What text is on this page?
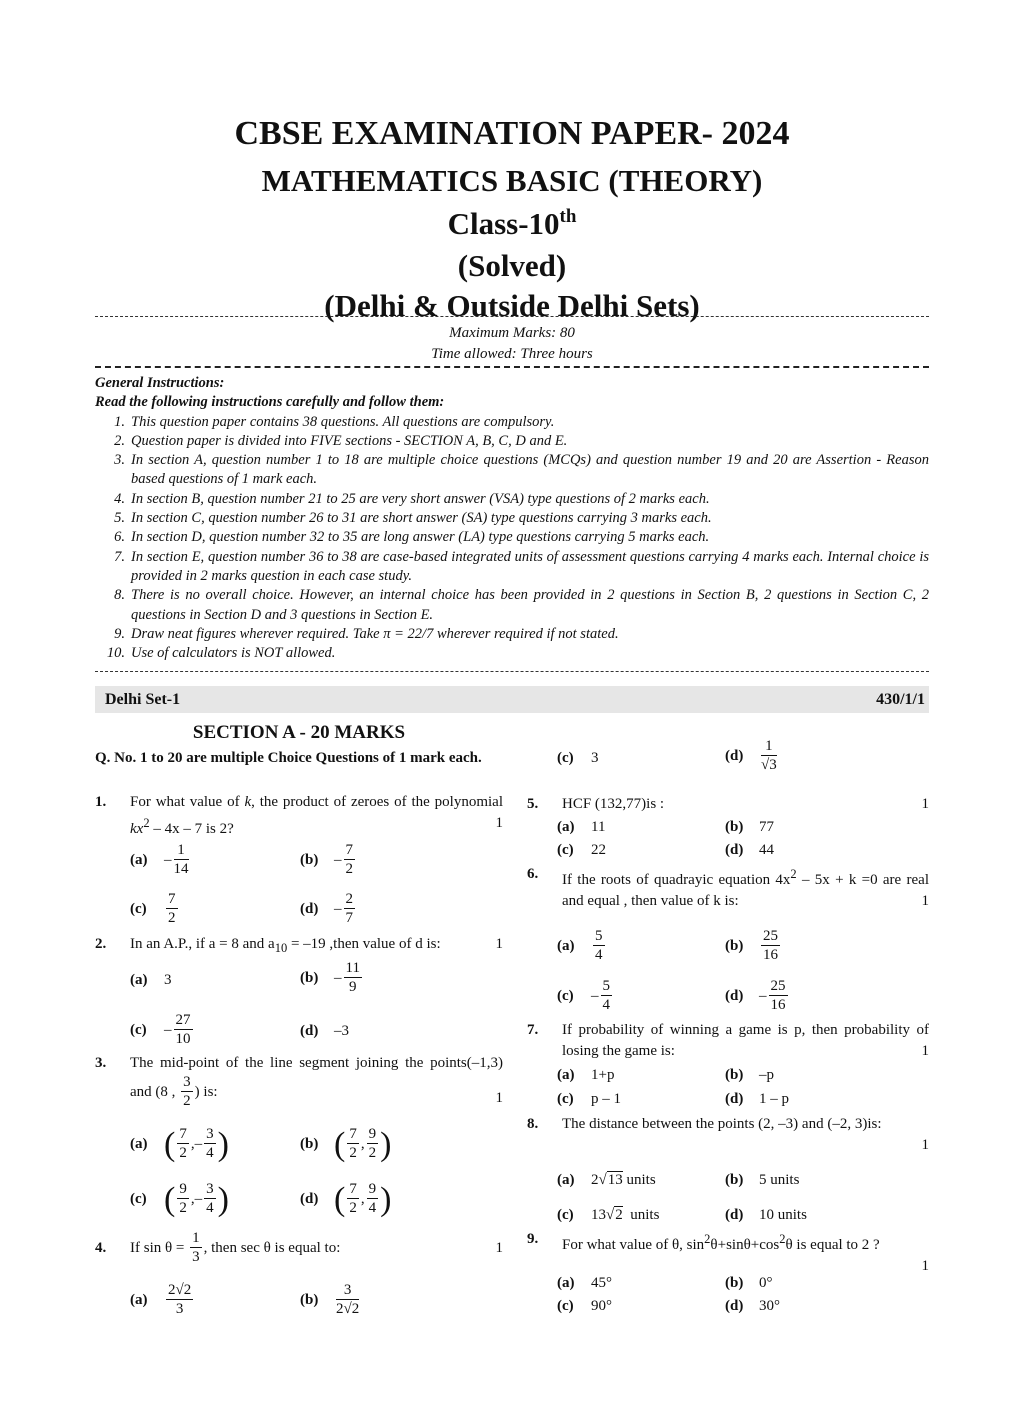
CBSE EXAMINATION PAPER- 2024
MATHEMATICS BASIC (THEORY)
Class-10th
(Solved)
(Delhi & Outside Delhi Sets)
Maximum Marks: 80
Time allowed: Three hours
General Instructions:
Read the following instructions carefully and follow them:
1. This question paper contains 38 questions. All questions are compulsory.
2. Question paper is divided into FIVE sections - SECTION A, B, C, D and E.
3. In section A, question number 1 to 18 are multiple choice questions (MCQs) and question number 19 and 20 are Assertion - Reason based questions of 1 mark each.
4. In section B, question number 21 to 25 are very short answer (VSA) type questions of 2 marks each.
5. In section C, question number 26 to 31 are short answer (SA) type questions carrying 3 marks each.
6. In section D, question number 32 to 35 are long answer (LA) type questions carrying 5 marks each.
7. In section E, question number 36 to 38 are case-based integrated units of assessment questions carrying 4 marks each. Internal choice is provided in 2 marks question in each case study.
8. There is no overall choice. However, an internal choice has been provided in 2 questions in Section B, 2 questions in Section C, 2 questions in Section D and 3 questions in Section E.
9. Draw neat figures wherever required. Take π = 22/7 wherever required if not stated.
10. Use of calculators is NOT allowed.
Delhi Set-1	430/1/1
SECTION A - 20 MARKS
Q. No. 1 to 20 are multiple Choice Questions of 1 mark each.
1.	For what value of k, the product of zeroes of the polynomial $kx^2 - 4x - 7$ is 2?	1
$(a) - \frac{1}{14}$	$(b) - \frac{7}{2}$
$(c) \frac{7}{2}$	$(d) - \frac{2}{7}$
2.	In an A.P., if a = 8 and $a_{10} = -19$ ,then value of d is:	1
(a) 3	$(b) - \frac{11}{9}$
$(c) - \frac{27}{10}$	(d) –3
3.	The mid-point of the line segment joining the points(–1,3) and (8 , $\frac{3}{2}$ ) is:	1
(a) ( $\frac{7}{2}$ ,– $\frac{3}{4}$ )	(b) ( $\frac{7}{2}$ , $\frac{9}{2}$ )
(c) ( $\frac{9}{2}$ ,– $\frac{3}{4}$ )	(d) ( $\frac{7}{2}$ , $\frac{9}{4}$ )
4.	If $\sin \theta = \frac{1}{3}$ , then sec θ is equal to:	1
$(a) \frac{2√2}{3}$	$(b) \frac{3}{2√2}$
(c) 3	$(d) \frac{1}{√3}$
5.	HCF (132,77)is :	1
(a) 11	(b) 77
(c) 22	(d) 44
6.	If the roots of quadrayic equation $4x^2 - 5x + k =0$ are real and equal , then value of k is:	1
$(a) \frac{5}{4}$	$(b) \frac{25}{16}$
$(c) - \frac{5}{4}$	$(d) - \frac{25}{16}$
7.	If probability of winning a game is p, then probability of losing the game is:	1
(a) 1+p	(b) –p
(c) p – 1	(d) 1 – p
8.	The distance between the points (2, –3) and (–2, 3)is:

1
(a) 2√13 units	(b) 5 units
(c) 13√2 units	(d) 10 units
9.	For what value of θ, $\sin^2\theta+\sin\theta+\cos^2\theta$ is equal to 2 ?

1
(a) 45°	(b) 0°
(c) 90°	(d) 30°
